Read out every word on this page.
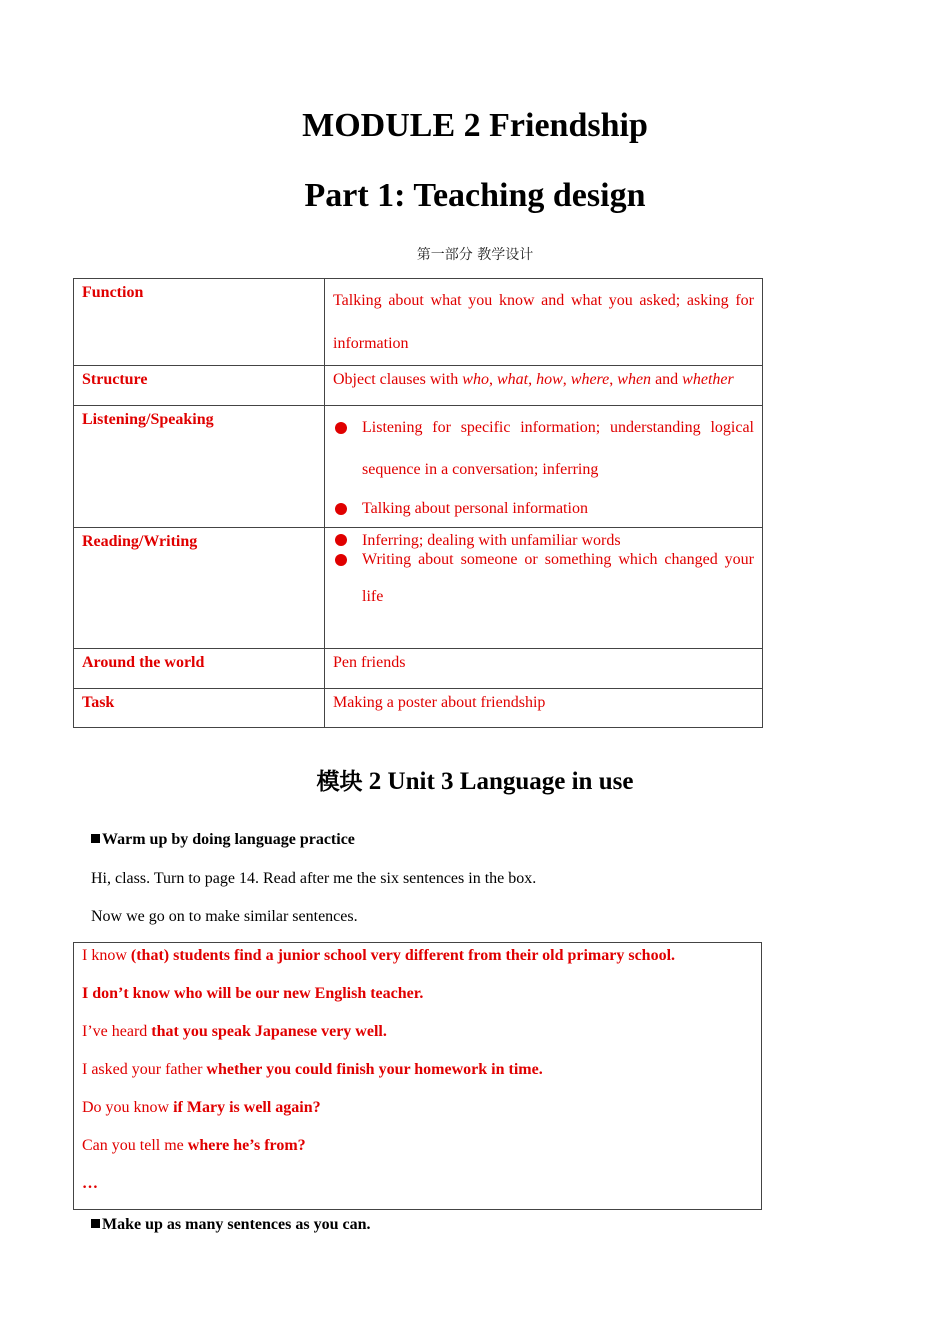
MODULE 2 Friendship
Part 1: Teaching design
第一部分 教学设计
Function	Talking about what you know and what you asked; asking for
information

Structure	Object clauses with who, what, how, where, when and whether
Listening/Speaking	Listening for specific information; understanding logical
sequence in a conversation; inferring
Talking about personal information

Reading/Writing	Inferring; dealing with unfamiliar words
Writing about someone or something which changed your
life

Around the world	Pen friends
Task	Making a poster about friendship
模块 2 Unit 3 Language in use
Warm up by doing language practice
Hi, class. Turn to page 14. Read after me the six sentences in the box.
Now we go on to make similar sentences.
I know (that) students find a junior school very different from their old primary school.
I don’t know who will be our new English teacher.
I’ve heard that you speak Japanese very well.
I asked your father whether you could finish your homework in time.
Do you know if Mary is well again?
Can you tell me where he’s from?
…
Make up as many sentences as you can.
